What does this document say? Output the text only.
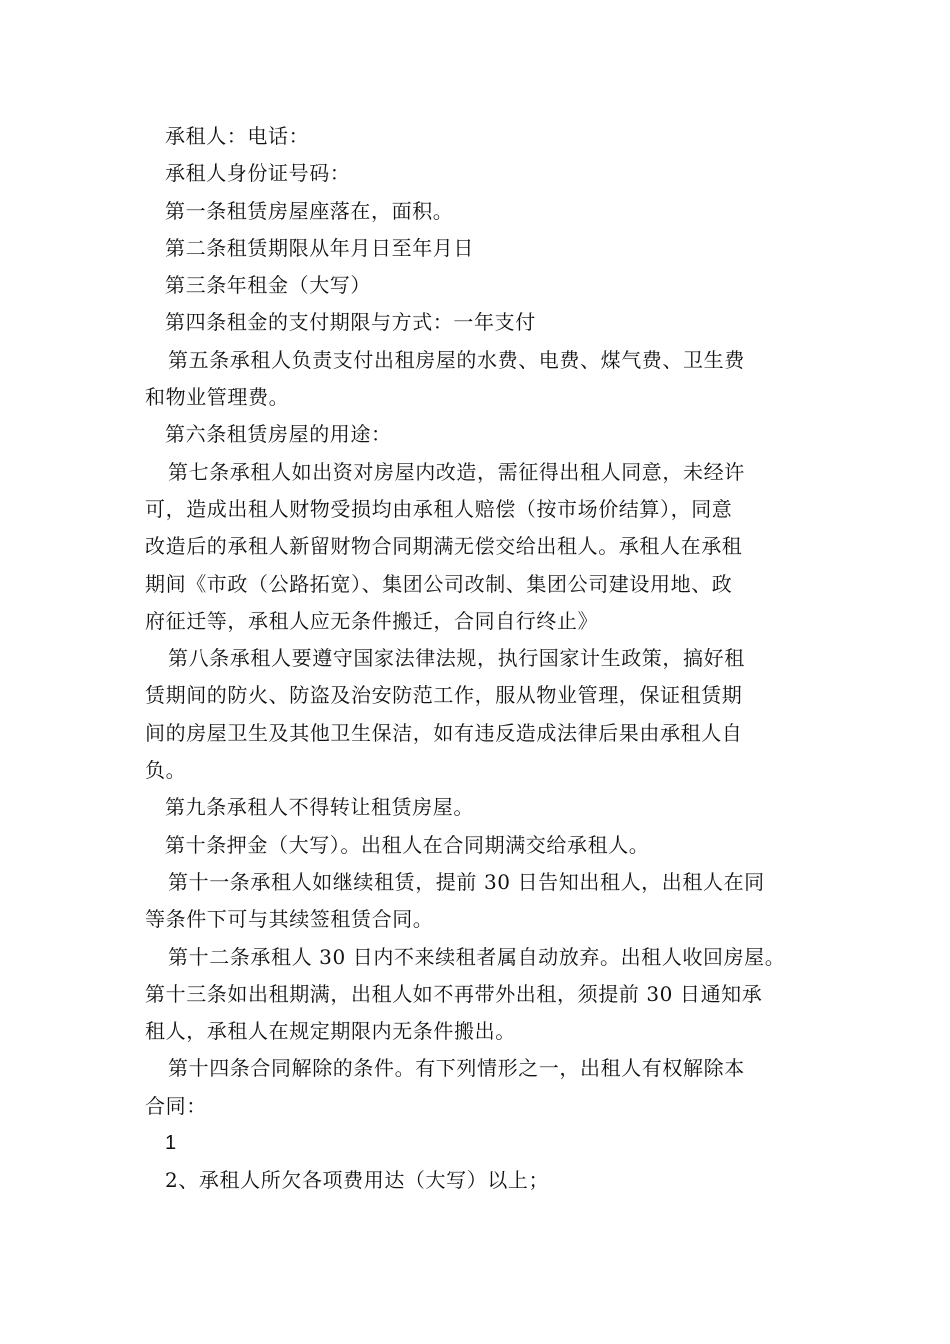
承租人：电话：

承租人身份证号码：

第一条租赁房屋座落在，面积。

第二条租赁期限从年月日至年月日

第三条年租金（大写）

第四条租金的支付期限与方式：一年支付

第五条承租人负责支付出租房屋的水费、电费、煤气费、卫生费
和物业管理费。

第六条租赁房屋的用途：

第七条承租人如出资对房屋内改造，需征得出租人同意，未经许
可，造成出租人财物受损均由承租人赔偿（按市场价结算），同意
改造后的承租人新留财物合同期满无偿交给出租人。承租人在承租
期间《市政（公路拓宽）、集团公司改制、集团公司建设用地、政
府征迁等，承租人应无条件搬迁，合同自行终止》

第八条承租人要遵守国家法律法规，执行国家计生政策，搞好租
赁期间的防火、防盗及治安防范工作，服从物业管理，保证租赁期
间的房屋卫生及其他卫生保洁，如有违反造成法律后果由承租人自
负。

第九条承租人不得转让租赁房屋。

第十条押金（大写）。出租人在合同期满交给承租人。

第十一条承租人如继续租赁，提前 30 日告知出租人，出租人在同
等条件下可与其续签租赁合同。

第十二条承租人 30 日内不来续租者属自动放弃。出租人收回房屋。

第十三条如出租期满，出租人如不再带外出租，须提前 30 日通知承
租人，承租人在规定期限内无条件搬出。

第十四条合同解除的条件。有下列情形之一，出租人有权解除本
合同：

1

2、承租人所欠各项费用达（大写）以上；
